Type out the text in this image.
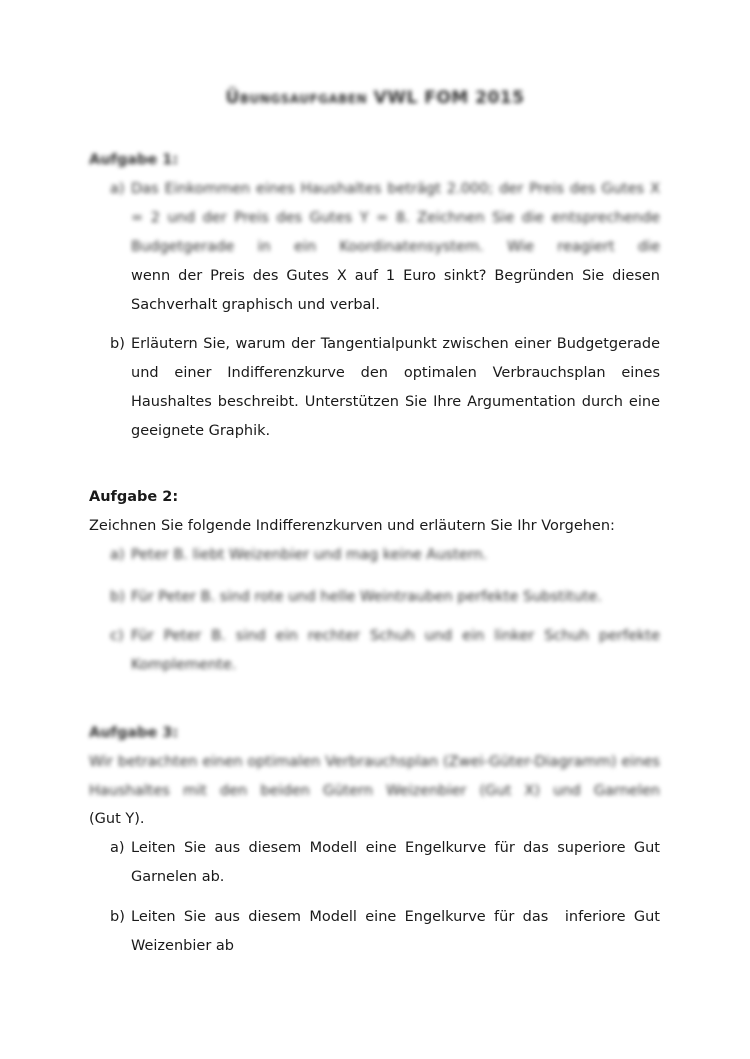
Übungsaufgaben VWL FOM 2015
Aufgabe 1:
a) Das Einkommen eines Haushaltes beträgt 2.000; der Preis des Gutes X = 2 und der Preis des Gutes Y = 8. Zeichnen Sie die entsprechende Budgetgerade in ein Koordinatensystem. Wie reagiert die
wenn der Preis des Gutes X auf 1 Euro sinkt? Begründen Sie diesen
Sachverhalt graphisch und verbal.
b) Erläutern Sie, warum der Tangentialpunkt zwischen einer Budgetgerade und einer Indifferenzkurve den optimalen Verbrauchsplan eines Haushaltes beschreibt. Unterstützen Sie Ihre Argumentation durch eine geeignete Graphik.
Aufgabe 2:
Zeichnen Sie folgende Indifferenzkurven und erläutern Sie Ihr Vorgehen:
a) Peter B. liebt Weizenbier und mag keine Austern.
b) Für Peter B. sind rote und helle Weintrauben perfekte Substitute.
c) Für Peter B. sind ein rechter Schuh und ein linker Schuh perfekte Komplemente.
Aufgabe 3:
Wir betrachten einen optimalen Verbrauchsplan (Zwei-Güter-Diagramm) eines Haushaltes mit den beiden Gütern Weizenbier (Gut X) und Garnelen
(Gut Y).
a) Leiten Sie aus diesem Modell eine Engelkurve für das superiore Gut Garnelen ab.
b) Leiten Sie aus diesem Modell eine Engelkurve für das  inferiore Gut Weizenbier ab
